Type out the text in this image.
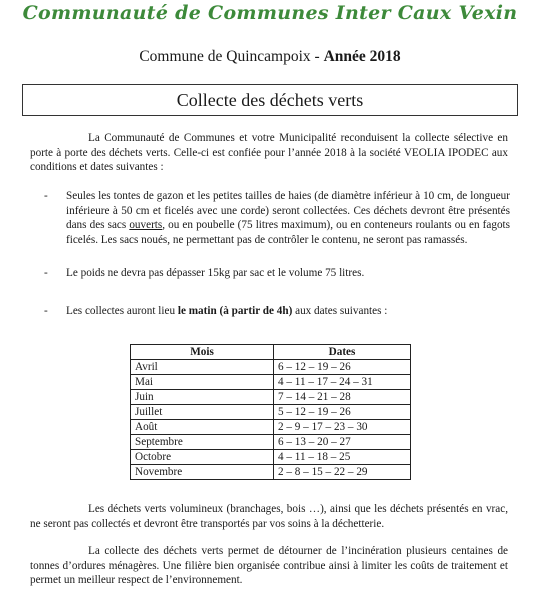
Communauté de Communes Inter Caux Vexin
Commune de Quincampoix - Année 2018
Collecte des déchets verts
La Communauté de Communes et votre Municipalité reconduisent la collecte sélective en porte à porte des déchets verts. Celle-ci est confiée pour l’année 2018 à la société VEOLIA IPODEC aux conditions et dates suivantes :
- Seules les tontes de gazon et les petites tailles de haies (de diamètre inférieur à 10 cm, de longueur inférieure à 50 cm et ficelés avec une corde) seront collectées. Ces déchets devront être présentés dans des sacs ouverts, ou en poubelle (75 litres maximum), ou en conteneurs roulants ou en fagots ficelés. Les sacs noués, ne permettant pas de contrôler le contenu, ne seront pas ramassés.
- Le poids ne devra pas dépasser 15kg par sac et le volume 75 litres.
- Les collectes auront lieu le matin (à partir de 4h) aux dates suivantes :
Mois	Dates
Avril	6 – 12 – 19 – 26
Mai	4 – 11 – 17 – 24 – 31
Juin	7 – 14 – 21 – 28
Juillet	5 – 12 – 19 – 26
Août	2 – 9 – 17 – 23 – 30
Septembre	6 – 13 – 20 – 27
Octobre	4 – 11 – 18 – 25
Novembre	2 – 8 – 15 – 22 – 29
Les déchets verts volumineux (branchages, bois …), ainsi que les déchets présentés en vrac, ne seront pas collectés et devront être transportés par vos soins à la déchetterie.
La collecte des déchets verts permet de détourner de l’incinération plusieurs centaines de tonnes d’ordures ménagères. Une filière bien organisée contribue ainsi à limiter les coûts de traitement et permet un meilleur respect de l’environnement.
